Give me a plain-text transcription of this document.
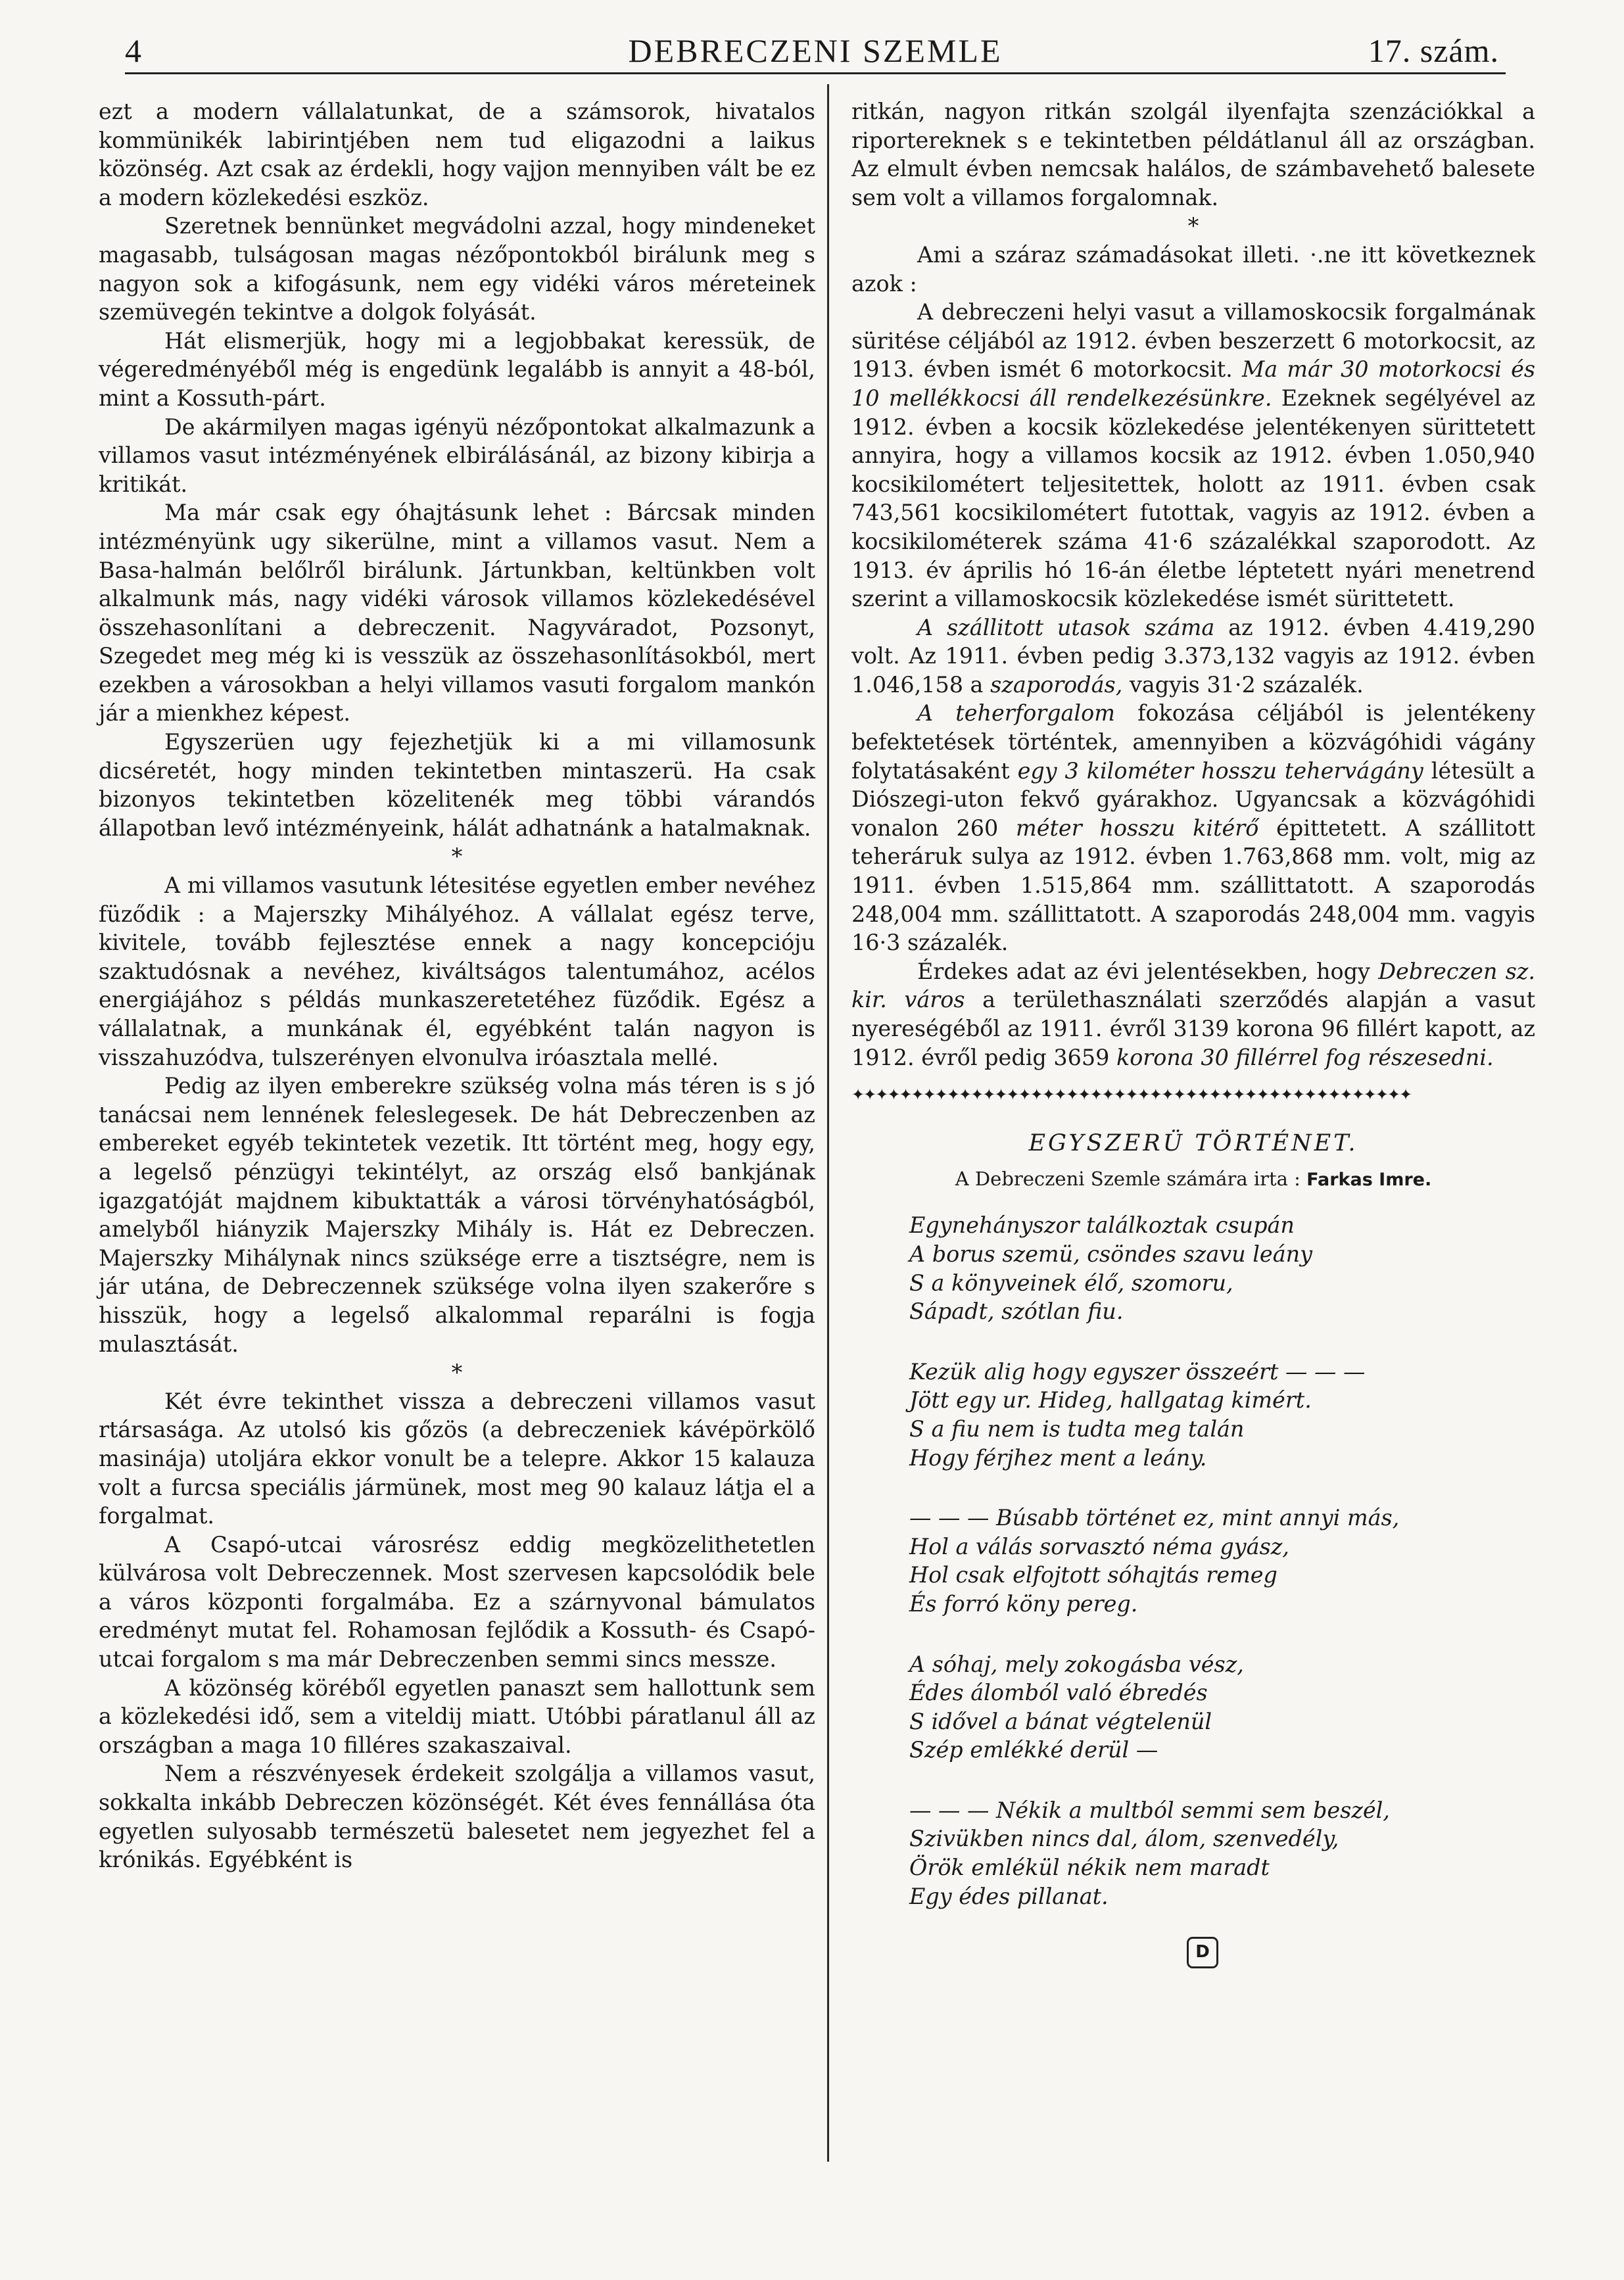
4	DEBRECZENI SZEMLE	17. szám.

ezt a modern vállalatunkat, de a számsorok, hivatalos kommünikék labirintjében nem tud eligazodni a laikus közönség. Azt csak az érdekli, hogy vajjon mennyiben vált be ez a modern közlekedési eszköz.

Szeretnek bennünket megvádolni azzal, hogy mindeneket magasabb, tulságosan magas nézőpontokból birálunk meg s nagyon sok a kifogásunk, nem egy vidéki város méreteinek szemüvegén tekintve a dolgok folyását.

Hát elismerjük, hogy mi a legjobbakat keressük, de végeredményéből még is engedünk legalább is annyit a 48-ból, mint a Kossuth-párt.

De akármilyen magas igényü nézőpontokat alkalmazunk a villamos vasut intézményének elbirálásánál, az bizony kibirja a kritikát.

Ma már csak egy óhajtásunk lehet : Bárcsak minden intézményünk ugy sikerülne, mint a villamos vasut. Nem a Basa-halmán belőlről birálunk. Jártunkban, keltünkben volt alkalmunk más, nagy vidéki városok villamos közlekedésével összehasonlítani a debreczenit. Nagyváradot, Pozsonyt, Szegedet meg még ki is vesszük az összehasonlításokból, mert ezekben a városokban a helyi villamos vasuti forgalom mankón jár a mienkhez képest.

Egyszerüen ugy fejezhetjük ki a mi villamosunk dicséretét, hogy minden tekintetben mintaszerü. Ha csak bizonyos tekintetben közelitenék meg többi várandós állapotban levő intézményeink, hálát adhatnánk a hatalmaknak.

*

A mi villamos vasutunk létesitése egyetlen ember nevéhez füződik : a Majerszky Mihályéhoz. A vállalat egész terve, kivitele, tovább fejlesztése ennek a nagy koncepcióju szaktudósnak a nevéhez, kiváltságos talentumához, acélos energiájához s példás munkaszeretetéhez füződik. Egész a vállalatnak, a munkának él, egyébként talán nagyon is visszahuzódva, tulszerényen elvonulva iróasztala mellé.

Pedig az ilyen emberekre szükség volna más téren is s jó tanácsai nem lennének feleslegesek. De hát Debreczenben az embereket egyéb tekintetek vezetik. Itt történt meg, hogy egy, a legelső pénzügyi tekintélyt, az ország első bankjának igazgatóját majdnem kibuktatták a városi törvényhatóságból, amelyből hiányzik Majerszky Mihály is. Hát ez Debreczen. Majerszky Mihálynak nincs szüksége erre a tisztségre, nem is jár utána, de Debreczennek szüksége volna ilyen szakerőre s hisszük, hogy a legelső alkalommal reparálni is fogja mulasztását.

*

Két évre tekinthet vissza a debreczeni villamos vasut rtársasága. Az utolsó kis gőzös (a debreczeniek kávépörkölő masinája) utoljára ekkor vonult be a telepre. Akkor 15 kalauza volt a furcsa speciális jármünek, most meg 90 kalauz látja el a forgalmat.

A Csapó-utcai városrész eddig megközelithetetlen külvárosa volt Debreczennek. Most szervesen kapcsolódik bele a város központi forgalmába. Ez a szárnyvonal bámulatos eredményt mutat fel. Rohamosan fejlődik a Kossuth- és Csapó-utcai forgalom s ma már Debreczenben semmi sincs messze.

A közönség köréből egyetlen panaszt sem hallottunk sem a közlekedési idő, sem a viteldij miatt. Utóbbi páratlanul áll az országban a maga 10 filléres szakaszaival.

Nem a részvényesek érdekeit szolgálja a villamos vasut, sokkalta inkább Debreczen közönségét. Két éves fennállása óta egyetlen sulyosabb természetü balesetet nem jegyezhet fel a krónikás. Egyébként is

ritkán, nagyon ritkán szolgál ilyenfajta szenzációkkal a riportereknek s e tekintetben példátlanul áll az országban. Az elmult évben nemcsak halálos, de számbavehető balesete sem volt a villamos forgalomnak.

*

Ami a száraz számadásokat illeti. ·.ne itt következnek azok :

A debreczeni helyi vasut a villamoskocsik forgalmának süritése céljából az 1912. évben beszerzett 6 motorkocsit, az 1913. évben ismét 6 motorkocsit. Ma már 30 motorkocsi és 10 mellékkocsi áll rendelkezésünkre. Ezeknek segélyével az 1912. évben a kocsik közlekedése jelentékenyen sürittetett annyira, hogy a villamos kocsik az 1912. évben 1.050,940 kocsikilométert teljesitettek, holott az 1911. évben csak 743,561 kocsikilométert futottak, vagyis az 1912. évben a kocsikilométerek száma 41·6 százalékkal szaporodott. Az 1913. év április hó 16-án életbe léptetett nyári menetrend szerint a villamoskocsik közlekedése ismét sürittetett.

A szállitott utasok száma az 1912. évben 4.419,290 volt. Az 1911. évben pedig 3.373,132 vagyis az 1912. évben 1.046,158 a szaporodás, vagyis 31·2 százalék.

A teherforgalom fokozása céljából is jelentékeny befektetések történtek, amennyiben a közvágóhidi vágány folytatásaként egy 3 kilométer hosszu tehervágány létesült a Diószegi-uton fekvő gyárakhoz. Ugyancsak a közvágóhidi vonalon 260 méter hosszu kitérő épittetett. A szállitott teheráruk sulya az 1912. évben 1.763,868 mm. volt, mig az 1911. évben 1.515,864 mm. szállittatott. A szaporodás 248,004 mm. szállittatott. A szaporodás 248,004 mm. vagyis 16·3 százalék.

Érdekes adat az évi jelentésekben, hogy Debreczen sz. kir. város a területhasználati szerződés alapján a vasut nyereségéből az 1911. évről 3139 korona 96 fillért kapott, az 1912. évről pedig 3659 korona 30 fillérrel fog részesedni.

✦✦✦✦✦✦✦✦✦✦✦✦✦✦✦✦✦✦✦✦✦✦✦✦✦✦✦✦✦✦✦✦✦✦✦✦✦✦✦✦✦✦✦✦✦✦✦
EGYSZERÜ TÖRTÉNET.
A Debreczeni Szemle számára irta : Farkas Imre.
Egynehányszor találkoztak csupán
A borus szemü, csöndes szavu leány
S a könyveinek élő, szomoru,
Sápadt, szótlan fiu.
Kezük alig hogy egyszer összeért — — —
Jött egy ur. Hideg, hallgatag kimért.
S a fiu nem is tudta meg talán
Hogy férjhez ment a leány.
— — — Búsabb történet ez, mint annyi más,
Hol a válás sorvasztó néma gyász,
Hol csak elfojtott sóhajtás remeg
És forró köny pereg.
A sóhaj, mely zokogásba vész,
Édes álomból való ébredés
S idővel a bánat végtelenül
Szép emlékké derül —
— — — Nékik a multból semmi sem beszél,
Szivükben nincs dal, álom, szenvedély,
Örök emlékül nékik nem maradt
Egy édes pillanat.
D
